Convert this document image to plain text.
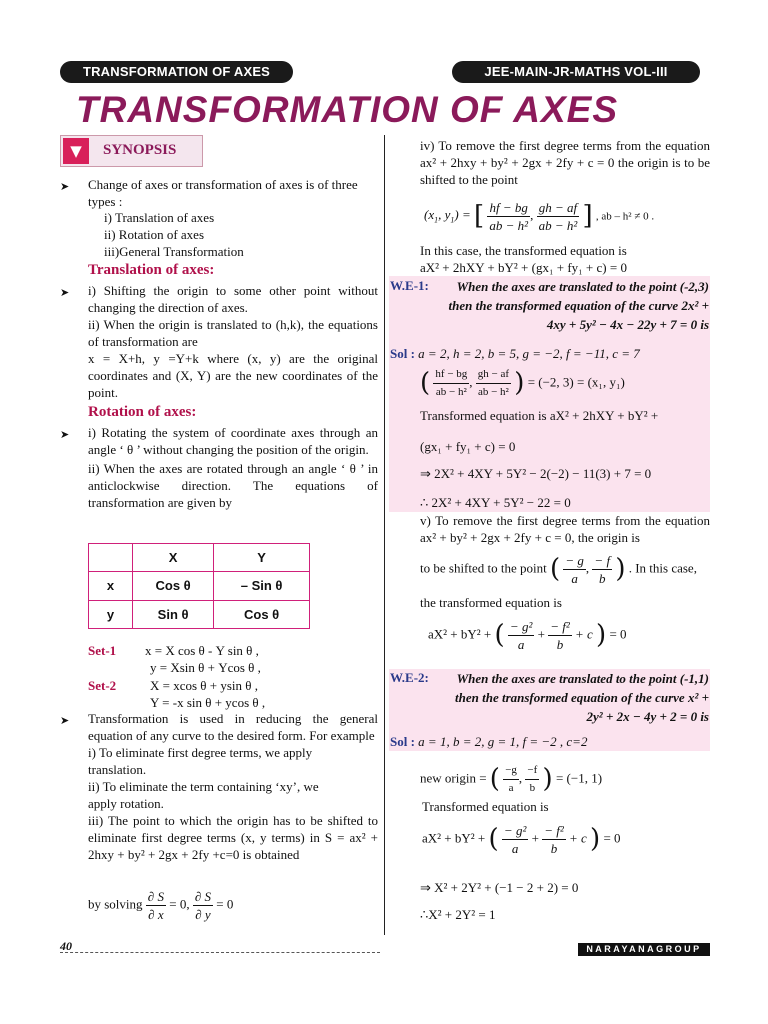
TRANSFORMATION OF AXES	JEE-MAIN-JR-MATHS VOL-III
TRANSFORMATION OF AXES
▼	SYNOPSIS
➤ Change of axes or transformation of axes is of three types :
i) Translation of axes
ii) Rotation of axes
iii)General Transformation
Translation of axes:
➤ i) Shifting the origin to some other point without changing the direction of axes.
ii) When the origin is translated to (h,k), the equations of transformation are
x = X+h, y =Y+k where (x, y) are the original coordinates and (X, Y) are the new coordinates of the point.
Rotation of axes:
➤ i) Rotating the system of coordinate axes through an angle ‘ θ ’ without changing the position of the origin.
ii) When the axes are rotated through an angle ‘ θ ’ in anticlockwise direction. The equations of transformation are given by
	X	Y
x	Cos θ	– Sin θ
y	Sin θ	Cos θ
Set-1 x = X cos θ - Y sin θ ,
y = Xsin θ + Ycos θ ,
Set-2	X = xcos θ + ysin θ ,
Y = -x sin θ + ycos θ ,
➤ Transformation is used in reducing the general equation of any curve to the desired form. For example
i) To eliminate first degree terms, we apply translation.
ii) To eliminate the term containing ‘xy’, we apply rotation.
iii) The point to which the origin has to be shifted to eliminate first degree terms (x, y terms) in S = ax² + 2hxy + by² + 2gx + 2fy +c=0 is obtained
by solving $\frac{\partial S}{\partial x} = 0$, $\frac{\partial S}{\partial y} = 0$
iv) To remove the first degree terms from the equation ax² + 2hxy + by² + 2gx + 2fy + c = 0 the origin is to be shifted to the point
($x_1$, $y_1$) = [ $\frac{hf - bg}{\text{ab − h²}}$ , $\frac{gh - af}{\text{ab − h²}}$ ] , ab – h² ≠ 0 .
In this case, the transformed equation is
aX² + 2hXY + bY² + (gx₁ + fy₁ + c) = 0
W.E-1:	When the axes are translated to the point (-2,3) then the transformed equation of the curve 2x² + 4xy + 5y² − 4x − 22y + 7 = 0 is
Sol : a = 2, h = 2, b = 5, g = −2, f = −11, c = 7
( $\frac{hf - bg}{\text{ab − h²}}$ , $\frac{gh - af}{\text{ab − h²}}$ ) = (−2, 3) = (x₁, y₁)
Transformed equation is aX² + 2hXY + bY² +
(gx₁ + fy₁ + c) = 0
⇒ 2X² + 4XY + 5Y² − 2(−2) − 11(3) + 7 = 0
∴ 2X² + 4XY + 5Y² − 22 = 0
v) To remove the first degree terms from the equation ax² + by² + 2gx + 2fy + c = 0, the origin is
to be shifted to the point ( $\frac{- g}{a}$ , $\frac{- f}{b}$ ) . In this case,
the transformed equation is
aX² + bY² + ( $\frac{\text{− g²}}{a} + \frac{\text{− f²}}{b} + c$ ) = 0
W.E-2:	When the axes are translated to the point (-1,1) then the transformed equation of the curve x² + 2y² + 2x − 4y + 2 = 0 is
Sol : a = 1, b = 2, g = 1, f = −2 , c=2
new origin = ( $\frac{-g}{a}$ , $\frac{-f}{b}$ ) = (−1, 1)
Transformed equation is
aX² + bY² + ( $\frac{\text{− g²}}{a} + \frac{\text{− f²}}{b} + c$ ) = 0
⇒ X² + 2Y² + (−1 − 2 + 2) = 0
∴X² + 2Y² = 1
40	NARAYANAGROUP
